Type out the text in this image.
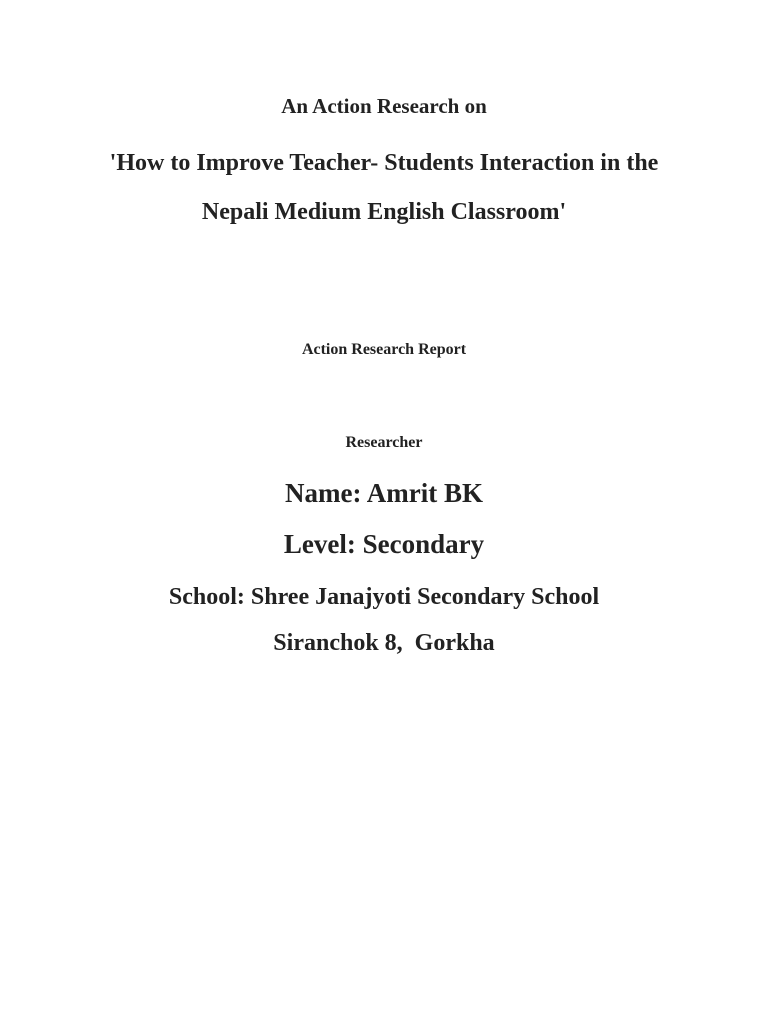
An Action Research on
'How to Improve Teacher- Students Interaction in the
Nepali Medium English Classroom'
Action Research Report
Researcher
Name: Amrit BK
Level: Secondary
School: Shree Janajyoti Secondary School
Siranchok 8,  Gorkha
